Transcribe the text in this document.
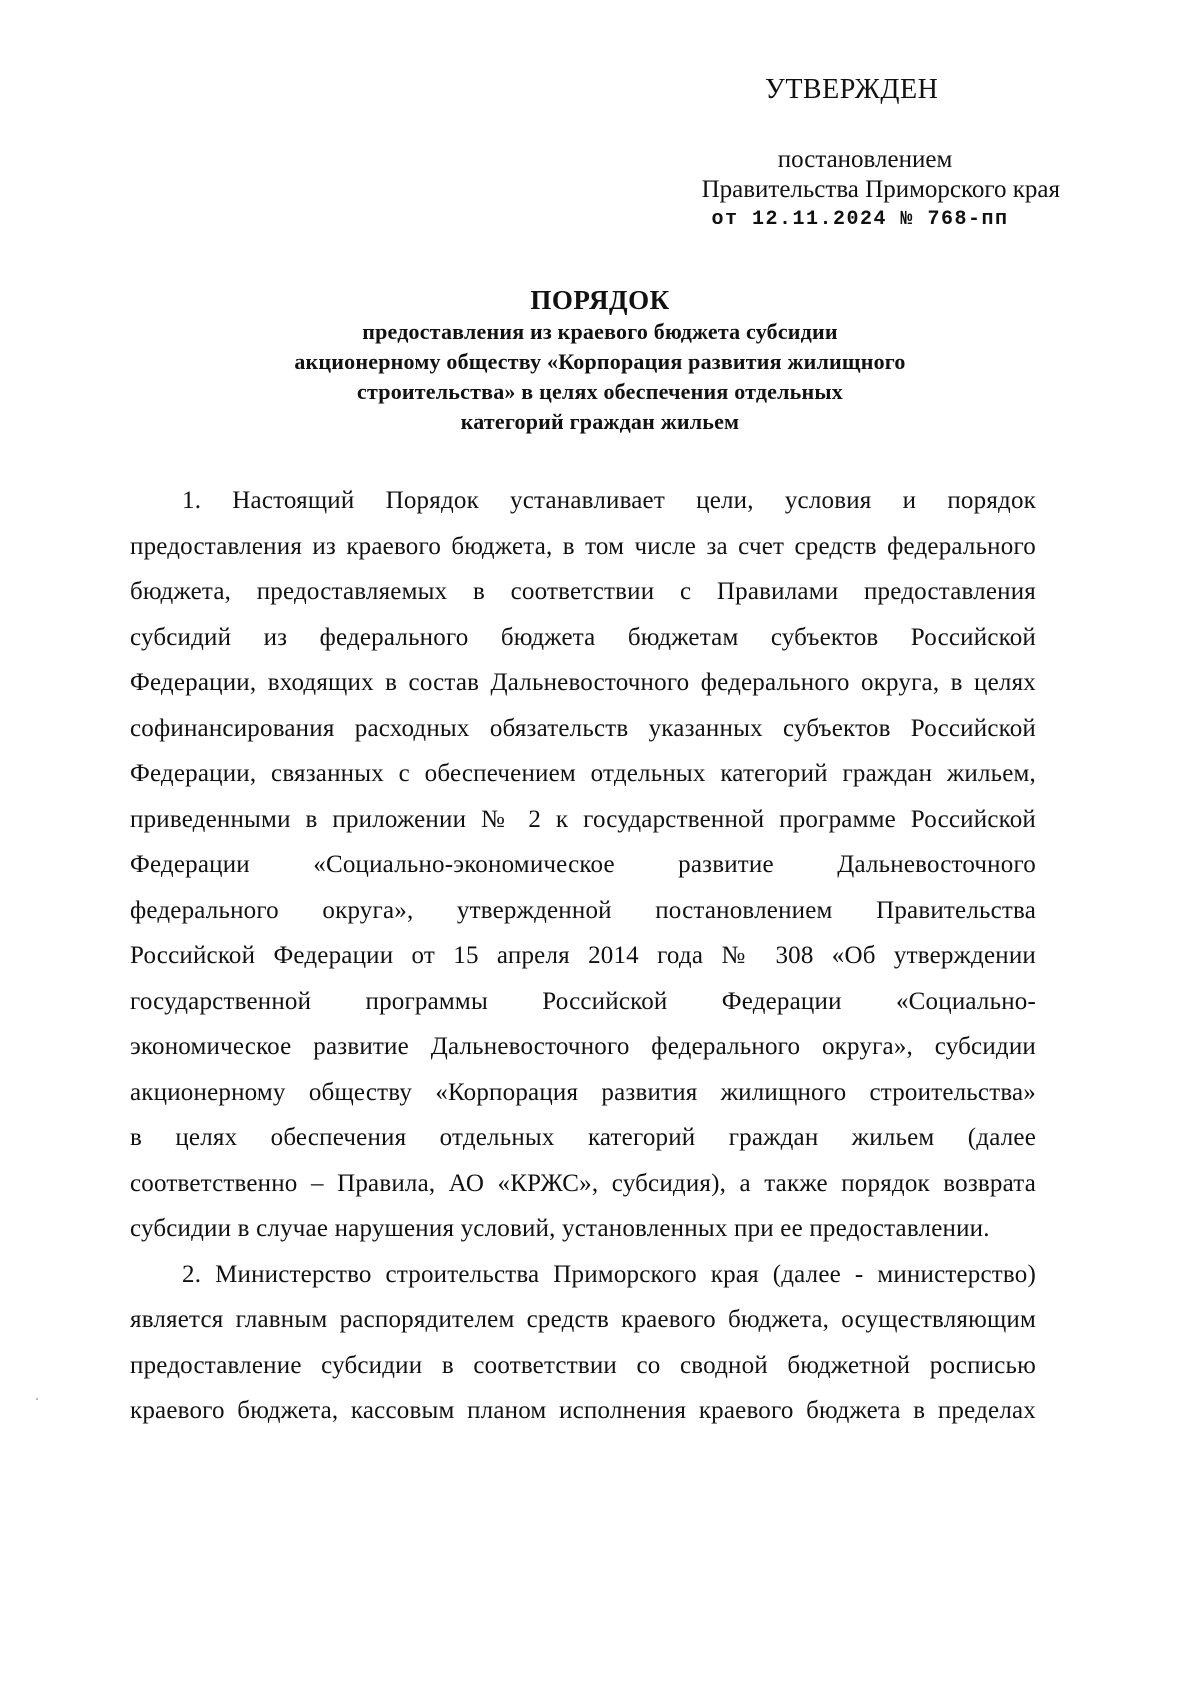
УТВЕРЖДЕН
постановлением
Правительства Приморского края
от 12.11.2024 № 768-пп
ПОРЯДОК
предоставления из краевого бюджета субсидии
акционерному обществу «Корпорация развития жилищного
строительства» в целях обеспечения отдельных
категорий граждан жильем
1. Настоящий Порядок устанавливает цели, условия и порядок
предоставления из краевого бюджета, в том числе за счет средств федерального
бюджета, предоставляемых в соответствии с Правилами предоставления
субсидий из федерального бюджета бюджетам субъектов Российской
Федерации, входящих в состав Дальневосточного федерального округа, в целях
софинансирования расходных обязательств указанных субъектов Российской
Федерации, связанных с обеспечением отдельных категорий граждан жильем,
приведенными в приложении № 2 к государственной программе Российской
Федерации «Социально-экономическое развитие Дальневосточного
федерального округа», утвержденной постановлением Правительства
Российской Федерации от 15 апреля 2014 года № 308 «Об утверждении
государственной программы Российской Федерации «Социально-
экономическое развитие Дальневосточного федерального округа», субсидии
акционерному обществу «Корпорация развития жилищного строительства»
в целях обеспечения отдельных категорий граждан жильем (далее
соответственно – Правила, АО «КРЖС», субсидия), а также порядок возврата
субсидии в случае нарушения условий, установленных при ее предоставлении.
2. Министерство строительства Приморского края (далее - министерство)
является главным распорядителем средств краевого бюджета, осуществляющим
предоставление субсидии в соответствии со сводной бюджетной росписью
краевого бюджета, кассовым планом исполнения краевого бюджета в пределах
